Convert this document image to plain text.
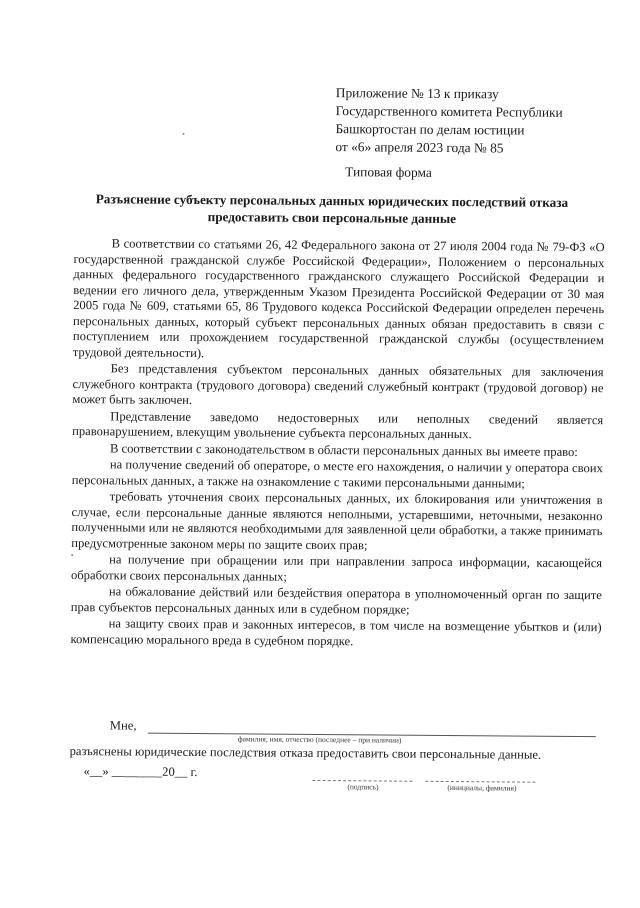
Приложение № 13 к приказу
Государственного комитета Республики
Башкортостан по делам юстиции
от «6» апреля 2023 года № 85
Типовая форма
Разъяснение субъекту персональных данных юридических последствий отказа предоставить свои персональные данные

В соответствии со статьями 26, 42 Федерального закона от 27 июля 2004 года № 79-ФЗ «О государственной гражданской службе Российской Федерации», Положением о персональных данных федерального государственного гражданского служащего Российской Федерации и ведении его личного дела, утвержденным Указом Президента Российской Федерации от 30 мая 2005 года № 609, статьями 65, 86 Трудового кодекса Российской Федерации определен перечень персональных данных, который субъект персональных данных обязан предоставить в связи с поступлением или прохождением государственной гражданской службы (осуществлением трудовой деятельности).

Без представления субъектом персональных данных обязательных для заключения служебного контракта (трудового договора) сведений служебный контракт (трудовой договор) не может быть заключен.

Представление заведомо недостоверных или неполных сведений является правонарушением, влекущим увольнение субъекта персональных данных.

В соответствии с законодательством в области персональных данных вы имеете право:

на получение сведений об операторе, о месте его нахождения, о наличии у оператора своих персональных данных, а также на ознакомление с такими персональными данными;

требовать уточнения своих персональных данных, их блокирования или уничтожения в случае, если персональные данные являются неполными, устаревшими, неточными, незаконно полученными или не являются необходимыми для заявленной цели обработки, а также принимать предусмотренные законом меры по защите своих прав;

на получение при обращении или при направлении запроса информации, касающейся обработки своих персональных данных;

на обжалование действий или бездействия оператора в уполномоченный орган по защите прав субъектов персональных данных или в судебном порядке;

на защиту своих прав и законных интересов, в том числе на возмещение убытков и (или) компенсацию морального вреда в судебном порядке.

Мне,
фамилия, имя, отчество (последнее – при наличии)
разъяснены юридические последствия отказа предоставить свои персональные данные.
«__» ________20__ г.
(подпись)	(инициалы, фамилия)
